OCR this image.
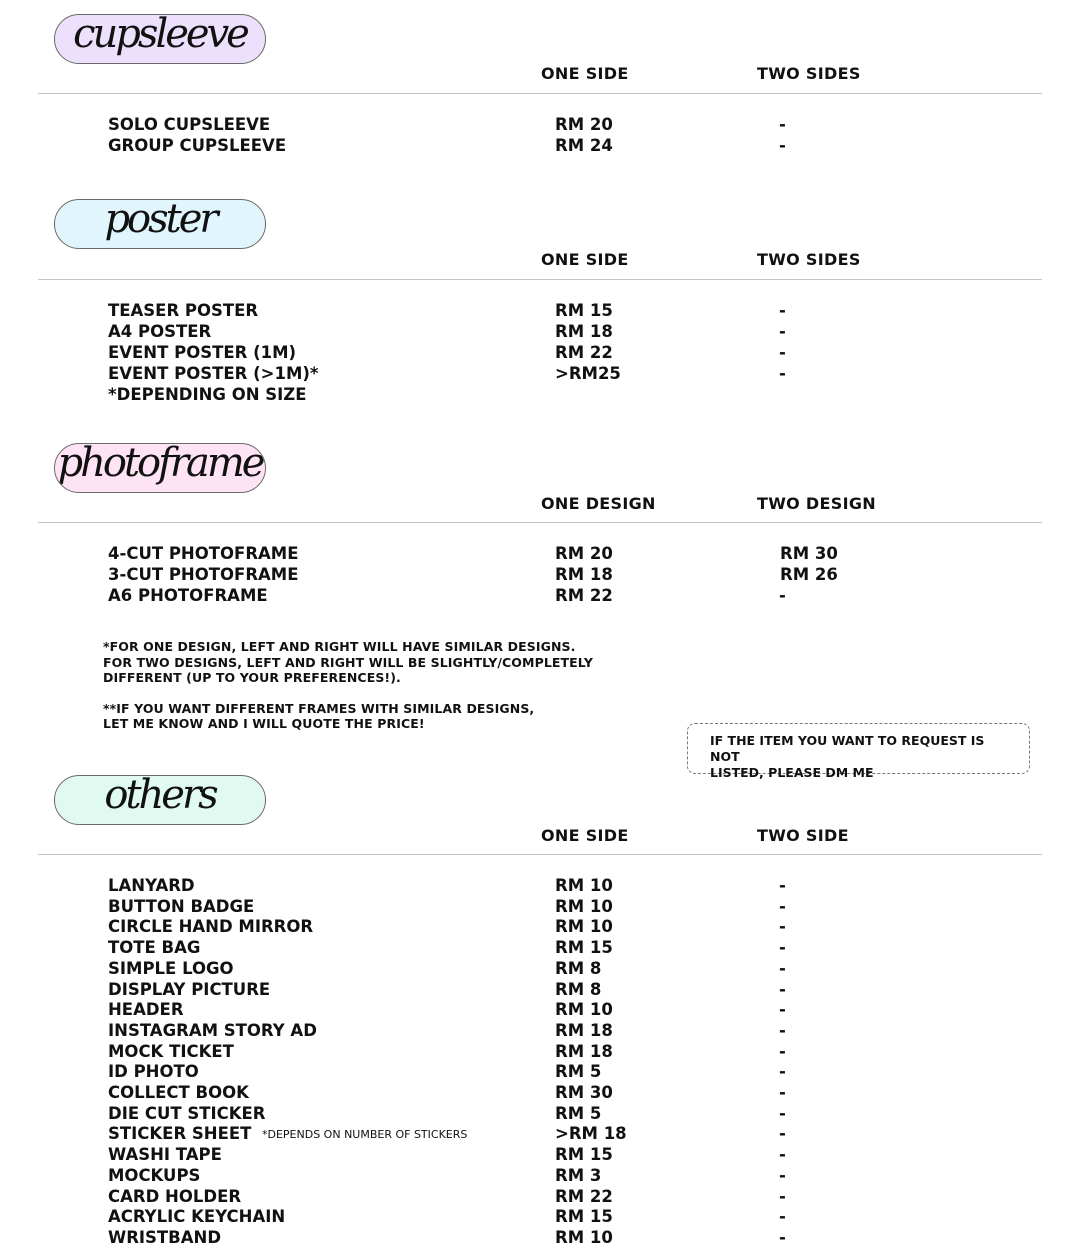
cupsleeve
ONE SIDE	TWO SIDES
SOLO CUPSLEEVE	RM 20	-
GROUP CUPSLEEVE	RM 24	-
poster
ONE SIDE	TWO SIDES
TEASER POSTER	RM 15	-
A4 POSTER	RM 18	-
EVENT POSTER (1M)	RM 22	-
EVENT POSTER (>1M)*	>RM25	-
*DEPENDING ON SIZE
photoframe
ONE DESIGN	TWO DESIGN
4-CUT PHOTOFRAME	RM 20	RM 30
3-CUT PHOTOFRAME	RM 18	RM 26
A6 PHOTOFRAME	RM 22	-

*FOR ONE DESIGN, LEFT AND RIGHT WILL HAVE SIMILAR DESIGNS.

FOR TWO DESIGNS, LEFT AND RIGHT WILL BE SLIGHTLY/COMPLETELY

DIFFERENT (UP TO YOUR PREFERENCES!).

**IF YOU WANT DIFFERENT FRAMES WITH SIMILAR DESIGNS,

LET ME KNOW AND I WILL QUOTE THE PRICE!

IF THE ITEM YOU WANT TO REQUEST IS NOT
LISTED, PLEASE DM ME
others
ONE SIDE	TWO SIDE
LANYARD	RM 10	-
BUTTON BADGE	RM 10	-
CIRCLE HAND MIRROR	RM 10	-
TOTE BAG	RM 15	-
SIMPLE LOGO	RM 8	-
DISPLAY PICTURE	RM 8	-
HEADER	RM 10	-
INSTAGRAM STORY AD	RM 18	-
MOCK TICKET	RM 18	-
ID PHOTO	RM 5	-
COLLECT BOOK	RM 30	-
DIE CUT STICKER	RM 5	-
STICKER SHEET *DEPENDS ON NUMBER OF STICKERS	>RM 18	-
WASHI TAPE	RM 15	-
MOCKUPS	RM 3	-
CARD HOLDER	RM 22	-
ACRYLIC KEYCHAIN	RM 15	-
WRISTBAND	RM 10	-
